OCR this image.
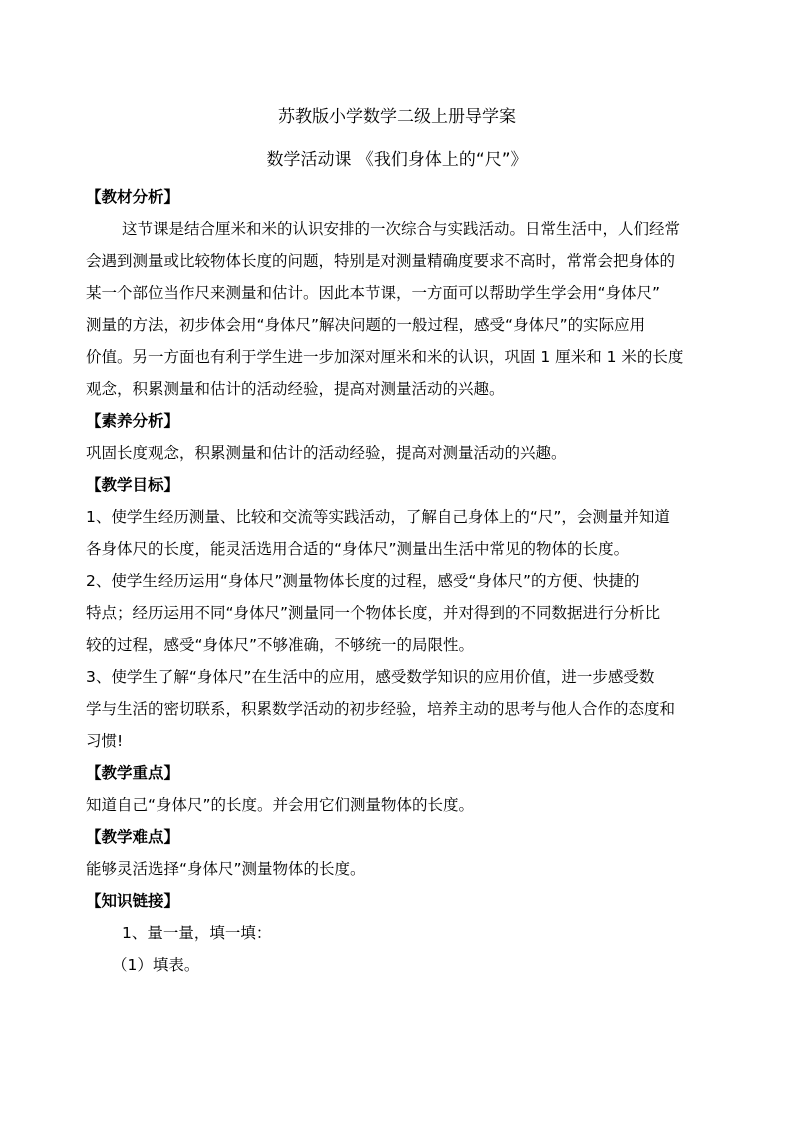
苏教版小学数学二级上册导学案
数学活动课 《我们身体上的“尺”》
【教材分析】
这节课是结合厘米和米的认识安排的一次综合与实践活动。日常生活中，人们经常
会遇到测量或比较物体长度的问题，特别是对测量精确度要求不高时，常常会把身体的
某一个部位当作尺来测量和估计。因此本节课，一方面可以帮助学生学会用“身体尺”
测量的方法，初步体会用“身体尺”解决问题的一般过程，感受“身体尺”的实际应用
价值。另一方面也有利于学生进一步加深对厘米和米的认识，巩固 1 厘米和 1 米的长度
观念，积累测量和估计的活动经验，提高对测量活动的兴趣。
【素养分析】
巩固长度观念，积累测量和估计的活动经验，提高对测量活动的兴趣。
【教学目标】
1、使学生经历测量、比较和交流等实践活动，了解自己身体上的“尺”，会测量并知道
各身体尺的长度，能灵活选用合适的“身体尺”测量出生活中常见的物体的长度。
2、使学生经历运用“身体尺”测量物体长度的过程，感受“身体尺”的方便、快捷的
特点；经历运用不同“身体尺”测量同一个物体长度，并对得到的不同数据进行分析比
较的过程，感受“身体尺”不够准确，不够统一的局限性。
3、使学生了解“身体尺”在生活中的应用，感受数学知识的应用价值，进一步感受数
学与生活的密切联系，积累数学活动的初步经验，培养主动的思考与他人合作的态度和
习惯!
【教学重点】
知道自己“身体尺”的长度。并会用它们测量物体的长度。
【教学难点】
能够灵活选择“身体尺”测量物体的长度。
【知识链接】
1、量一量，填一填：
（1）填表。
